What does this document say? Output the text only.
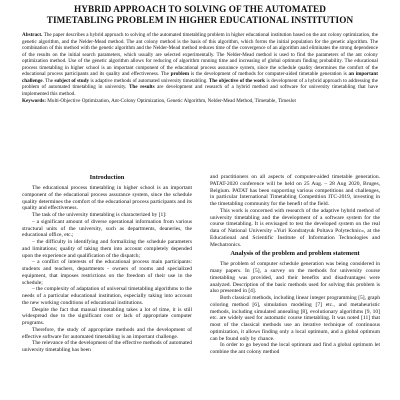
HYBRID APPROACH TO SOLVING OF THE AUTOMATED TIMETABLING PROBLEM IN HIGHER EDUCATIONAL INSTITUTION
Abstract. The paper describes a hybrid approach to solving of the automated timetabling problem in higher educational institution based on the ant colony optimization, the genetic algorithm, and the Nelder-Mead method. The ant colony method is the basis of this algorithm, which forms the initial population for the genetic algorithm. The combination of this method with the genetic algorithm and the Nelder-Mead method reduces time of the convergence of an algorithm and eliminates the strong dependence of the results on the initial search parameters, which usually are selected experimentally. The Nelder-Mead method is used to find the parameters of the ant colony optimization method. Use of the genetic algorithm allows for reducing of algorithm running time and increasing of global optimum finding probability. The educational process timetabling in higher school is an important component of the educational process assurance system, since the schedule quality determines the comfort of the educational process participants and its quality and effectiveness. The problem is the development of methods for computer-aided timetable generation is an important challenge. The subject of study is adaptive methods of automated university timetabling. The objective of the work is development of a hybrid approach to addressing the problem of automated timetabling in university. The results are development and research of a hybrid method and software for university timetabling that have implemented this method.
Keywords: Multi-Objective Optimization, Ant-Colony Optimization, Genetic Algorithm, Nelder-Mead Method, Timetable, Timeslot
Introduction

The educational process timetabling in higher school is an important component of the educational process assurance system, since the schedule quality determines the comfort of the educational process participants and its quality and effectiveness.

The task of the university timetabling is characterized by [1]:

– a significant amount of diverse operational information from various structural units of the university, such as departments, deaneries, the educational office, etc.;

– the difficulty in identifying and formalizing the schedule parameters and limitations; quality of taking them into account completely depended upon the experience and qualification of the dispatch;

– a conflict of interests of the educational process main participants: students and teachers, departments - owners of rooms and specialized equipment, that imposes restrictions on the freedom of their use in the schedule;

– the complexity of adaptation of universal timetabling algorithms to the needs of a particular educational institution, especially taking into account the new working conditions of educational institutions.

Despite the fact that manual timetabling takes a lot of time, it is still widespread due to the significant cost or lack of appropriate computer programs.

Therefore, the study of appropriate methods and the development of effective software for automated timetabling is an important challenge.

The relevance of the development of the effective methods of automated university timetabling has been

and practitioners on all aspects of computer-aided timetable generation. PATAT-2020 conference will be held on 25 Aug. – 28 Aug 2020, Bruges, Belgium. PATAT has been supporting various competitions and challenges, in particular International Timetabling Competition ITC-2019, investing in the timetabling community for the benefit of the field.

This work is concerned with research of the adaptive hybrid method of university timetabling and the development of a software system for the course timetabling. It is envisaged to test the developed system on the real data of National University «Yuri Kondratyuk Poltava Polytechnic», at the Educational and Scientific Institute of Information Technologies and Mechatronics.

Analysis of the problem and problem statement

The problem of computer schedule generation was being considered in many papers. In [5], a survey on the methods for university course timetabling was provided, and their benefits and disadvantages were analyzed. Description of the basic methods used for solving this problem is also presented in [4].

Both classical methods, including linear integer programming [5], graph coloring method [6], simulation modeling [7] etc., and metaheuristic methods, including simulated annealing [8], evolutionary algorithms [9, 10] etc. are widely used for automatic course timetabling. It was noted [11] that most of the classical methods use an iterative technique of continuous optimization, it allows finding only a local optimum, and a global optimum can be found only by chance.

In order to go beyond the local optimum and find a global optimum let combine the ant colony method
